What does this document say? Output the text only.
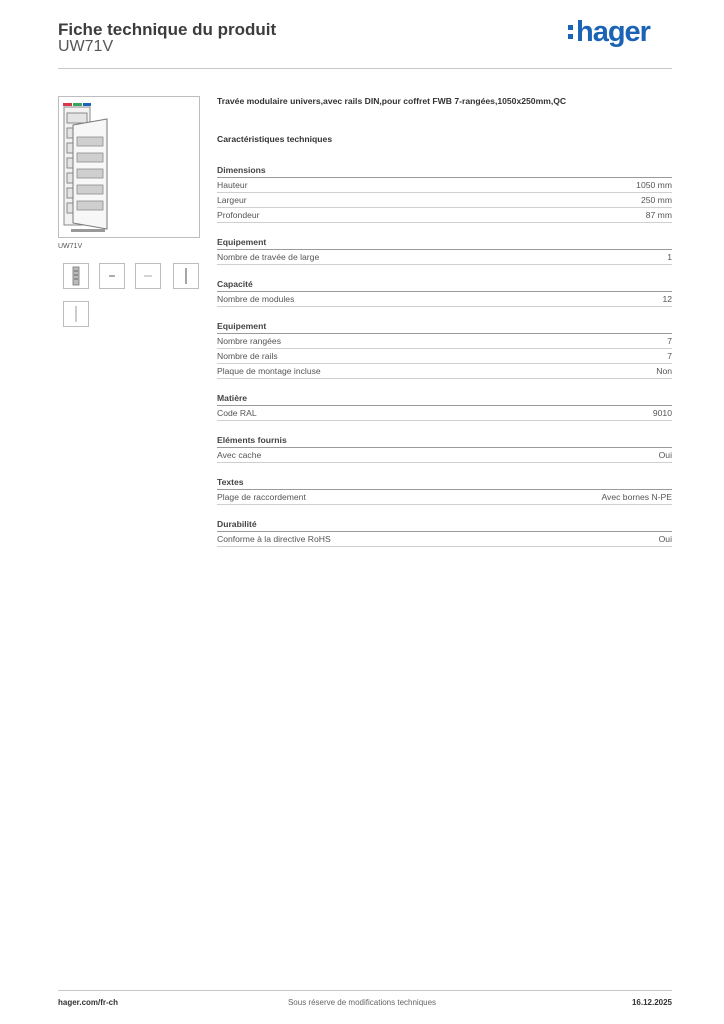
Fiche technique du produit
UW71V	hager
UW71V
Travée modulaire univers,avec rails DIN,pour coffret FWB 7-rangées,1050x250mm,QC
Caractéristiques techniques
Dimensions
Hauteur	1050 mm
Largeur	250 mm
Profondeur	87 mm
Equipement
Nombre de travée de large	1
Capacité
Nombre de modules	12
Equipement
Nombre rangées	7
Nombre de rails	7
Plaque de montage incluse	Non
Matière
Code RAL	9010
Eléments fournis
Avec cache	Oui
Textes
Plage de raccordement	Avec bornes N-PE
Durabilité
Conforme à la directive RoHS	Oui
hager.com/fr-ch	Sous réserve de modifications techniques	16.12.2025
